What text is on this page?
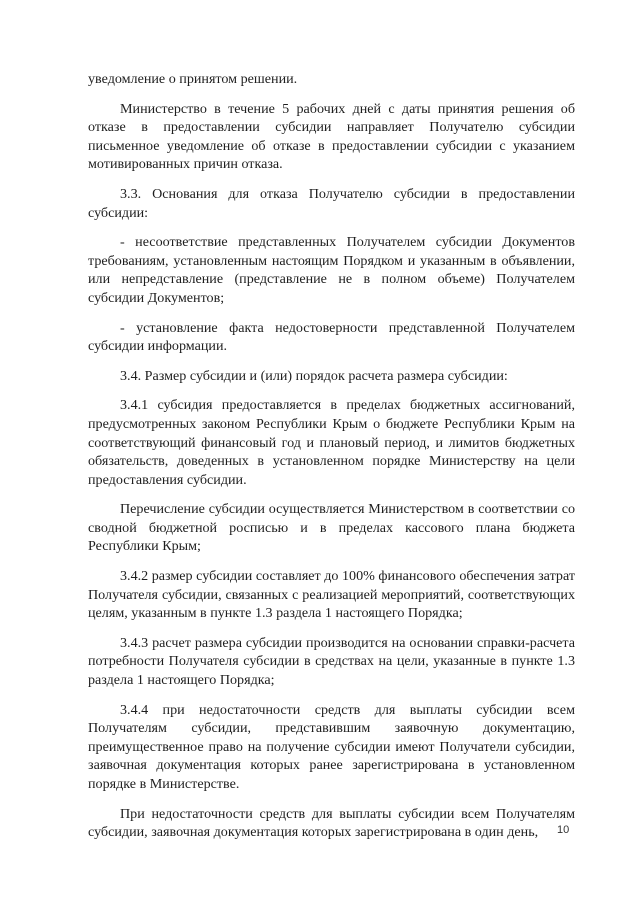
уведомление о принятом решении.

Министерство в течение 5 рабочих дней с даты принятия решения об отказе в предоставлении субсидии направляет Получателю субсидии письменное уведомление об отказе в предоставлении субсидии с указанием мотивированных причин отказа.

3.3. Основания для отказа Получателю субсидии в предоставлении субсидии:

- несоответствие представленных Получателем субсидии Документов требованиям, установленным настоящим Порядком и указанным в объявлении, или непредставление (представление не в полном объеме) Получателем субсидии Документов;

- установление факта недостоверности представленной Получателем субсидии информации.

3.4. Размер субсидии и (или) порядок расчета размера субсидии:

3.4.1 субсидия предоставляется в пределах бюджетных ассигнований, предусмотренных законом Республики Крым о бюджете Республики Крым на соответствующий финансовый год и плановый период, и лимитов бюджетных обязательств, доведенных в установленном порядке Министерству на цели предоставления субсидии.

Перечисление субсидии осуществляется Министерством в соответствии со сводной бюджетной росписью и в пределах кассового плана бюджета Республики Крым;

3.4.2 размер субсидии составляет до 100% финансового обеспечения затрат Получателя субсидии, связанных с реализацией мероприятий, соответствующих целям, указанным в пункте 1.3 раздела 1 настоящего Порядка;

3.4.3 расчет размера субсидии производится на основании справки-расчета потребности Получателя субсидии в средствах на цели, указанные в пункте 1.3 раздела 1 настоящего Порядка;

3.4.4 при недостаточности средств для выплаты субсидии всем Получателям субсидии, представившим заявочную документацию, преимущественное право на получение субсидии имеют Получатели субсидии, заявочная документация которых ранее зарегистрирована в установленном порядке в Министерстве.

При недостаточности средств для выплаты субсидии всем Получателям субсидии, заявочная документация которых зарегистрирована в один день,	10
